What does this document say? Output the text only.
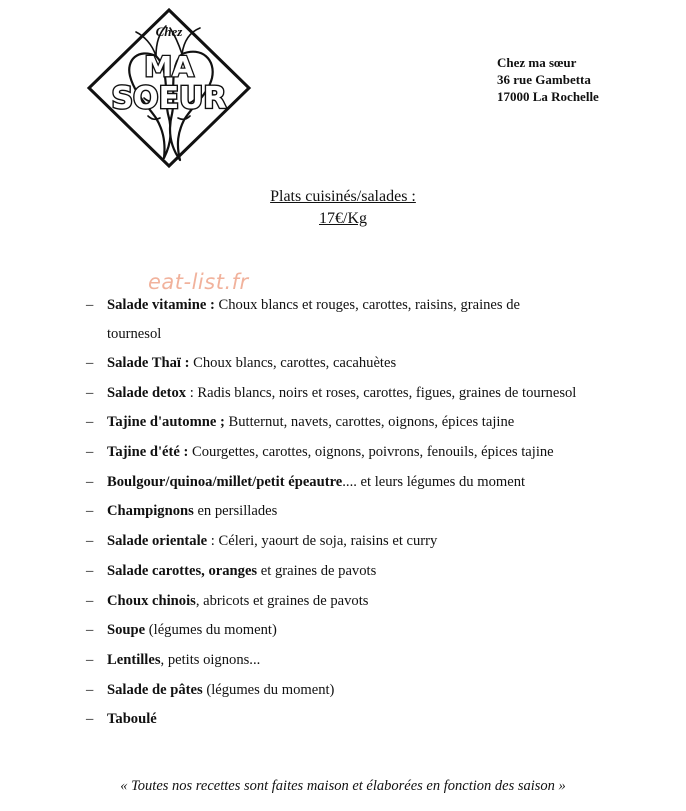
Chez
MA
SOEUR
Chez ma sœur
36 rue Gambetta
17000 La Rochelle
Plats cuisinés/salades :
17€/Kg
eat-list.fr
– Salade vitamine : Choux blancs et rouges, carottes, raisins, graines de tournesol
– Salade Thaï : Choux blancs, carottes, cacahuètes
– Salade detox : Radis blancs, noirs et roses, carottes, figues, graines de tournesol
– Tajine d'automne ; Butternut, navets, carottes, oignons, épices tajine
– Tajine d'été : Courgettes, carottes, oignons, poivrons, fenouils, épices tajine
– Boulgour/quinoa/millet/petit épeautre.... et leurs légumes du moment
– Champignons en persillades
– Salade orientale : Céleri, yaourt de soja, raisins et curry
– Salade carottes, oranges et graines de pavots
– Choux chinois, abricots et graines de pavots
– Soupe (légumes du moment)
– Lentilles, petits oignons...
– Salade de pâtes (légumes du moment)
– Taboulé
« Toutes nos recettes sont faites maison et élaborées en fonction des saison »
